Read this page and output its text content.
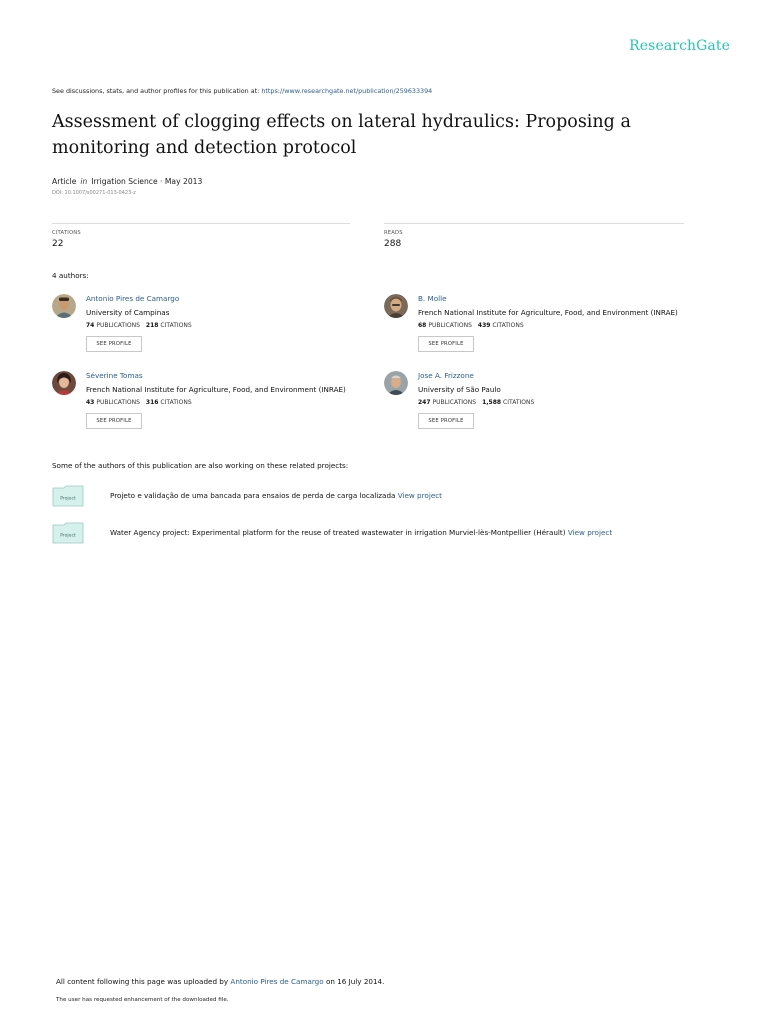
ResearchGate
See discussions, stats, and author profiles for this publication at: https://www.researchgate.net/publication/259633394
Assessment of clogging effects on lateral hydraulics: Proposing a monitoring and detection protocol
Article in Irrigation Science · May 2013
DOI: 10.1007/s00271-013-0423-z
CITATIONS
22
READS
288
4 authors:
Antonio Pires de Camargo
University of Campinas
74 PUBLICATIONS 218 CITATIONS
SEE PROFILE
B. Molle
French National Institute for Agriculture, Food, and Environment (INRAE)
68 PUBLICATIONS 439 CITATIONS
SEE PROFILE
Séverine Tomas
French National Institute for Agriculture, Food, and Environment (INRAE)
43 PUBLICATIONS 316 CITATIONS
SEE PROFILE
Jose A. Frizzone
University of São Paulo
247 PUBLICATIONS 1,588 CITATIONS
SEE PROFILE
Some of the authors of this publication are also working on these related projects:
Project	Projeto e validação de uma bancada para ensaios de perda de carga localizada View project
Project	Water Agency project: Experimental platform for the reuse of treated wastewater in irrigation Murviel-lès-Montpellier (Hérault) View project
All content following this page was uploaded by Antonio Pires de Camargo on 16 July 2014.
The user has requested enhancement of the downloaded file.
